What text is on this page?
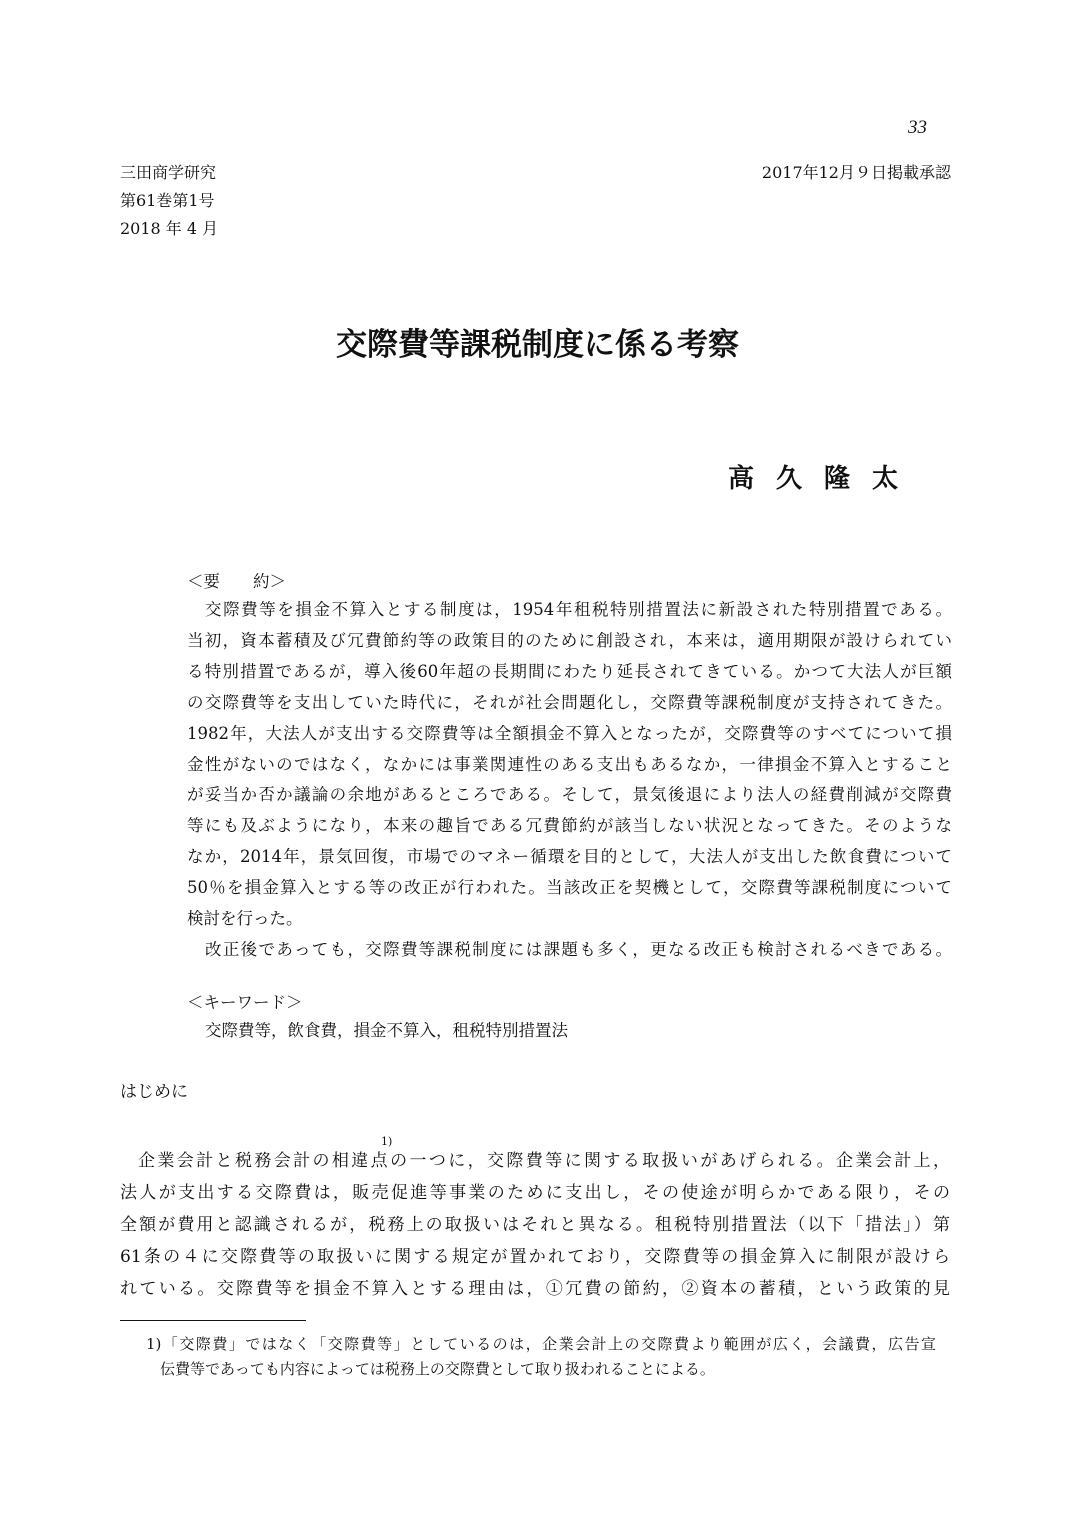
33
三田商学研究
第61巻第1号
2018 年 4 月
2017年12月９日掲載承認
交際費等課税制度に係る考察
高久隆太
＜要　　約＞
交際費等を損金不算入とする制度は，1954年租税特別措置法に新設された特別措置である。
当初，資本蓄積及び冗費節約等の政策目的のために創設され，本来は，適用期限が設けられてい
る特別措置であるが，導入後60年超の長期間にわたり延長されてきている。かつて大法人が巨額
の交際費等を支出していた時代に，それが社会問題化し，交際費等課税制度が支持されてきた。
1982年，大法人が支出する交際費等は全額損金不算入となったが，交際費等のすべてについて損
金性がないのではなく，なかには事業関連性のある支出もあるなか，一律損金不算入とすること
が妥当か否か議論の余地があるところである。そして，景気後退により法人の経費削減が交際費
等にも及ぶようになり，本来の趣旨である冗費節約が該当しない状況となってきた。そのような
なか，2014年，景気回復，市場でのマネー循環を目的として，大法人が支出した飲食費について
50％を損金算入とする等の改正が行われた。当該改正を契機として，交際費等課税制度について
検討を行った。
改正後であっても，交際費等課税制度には課題も多く，更なる改正も検討されるべきである。
＜キーワード＞
交際費等，飲食費，損金不算入，租税特別措置法
はじめに
1)
企業会計と税務会計の相違点の一つに，交際費等に関する取扱いがあげられる。企業会計上，
法人が支出する交際費は，販売促進等事業のために支出し，その使途が明らかである限り，その
全額が費用と認識されるが，税務上の取扱いはそれと異なる。租税特別措置法（以下「措法」）第
61条の４に交際費等の取扱いに関する規定が置かれており，交際費等の損金算入に制限が設けら
れている。交際費等を損金不算入とする理由は，①冗費の節約，②資本の蓄積，という政策的見
1)「交際費」ではなく「交際費等」としているのは，企業会計上の交際費より範囲が広く，会議費，広告宣
伝費等であっても内容によっては税務上の交際費として取り扱われることによる。
